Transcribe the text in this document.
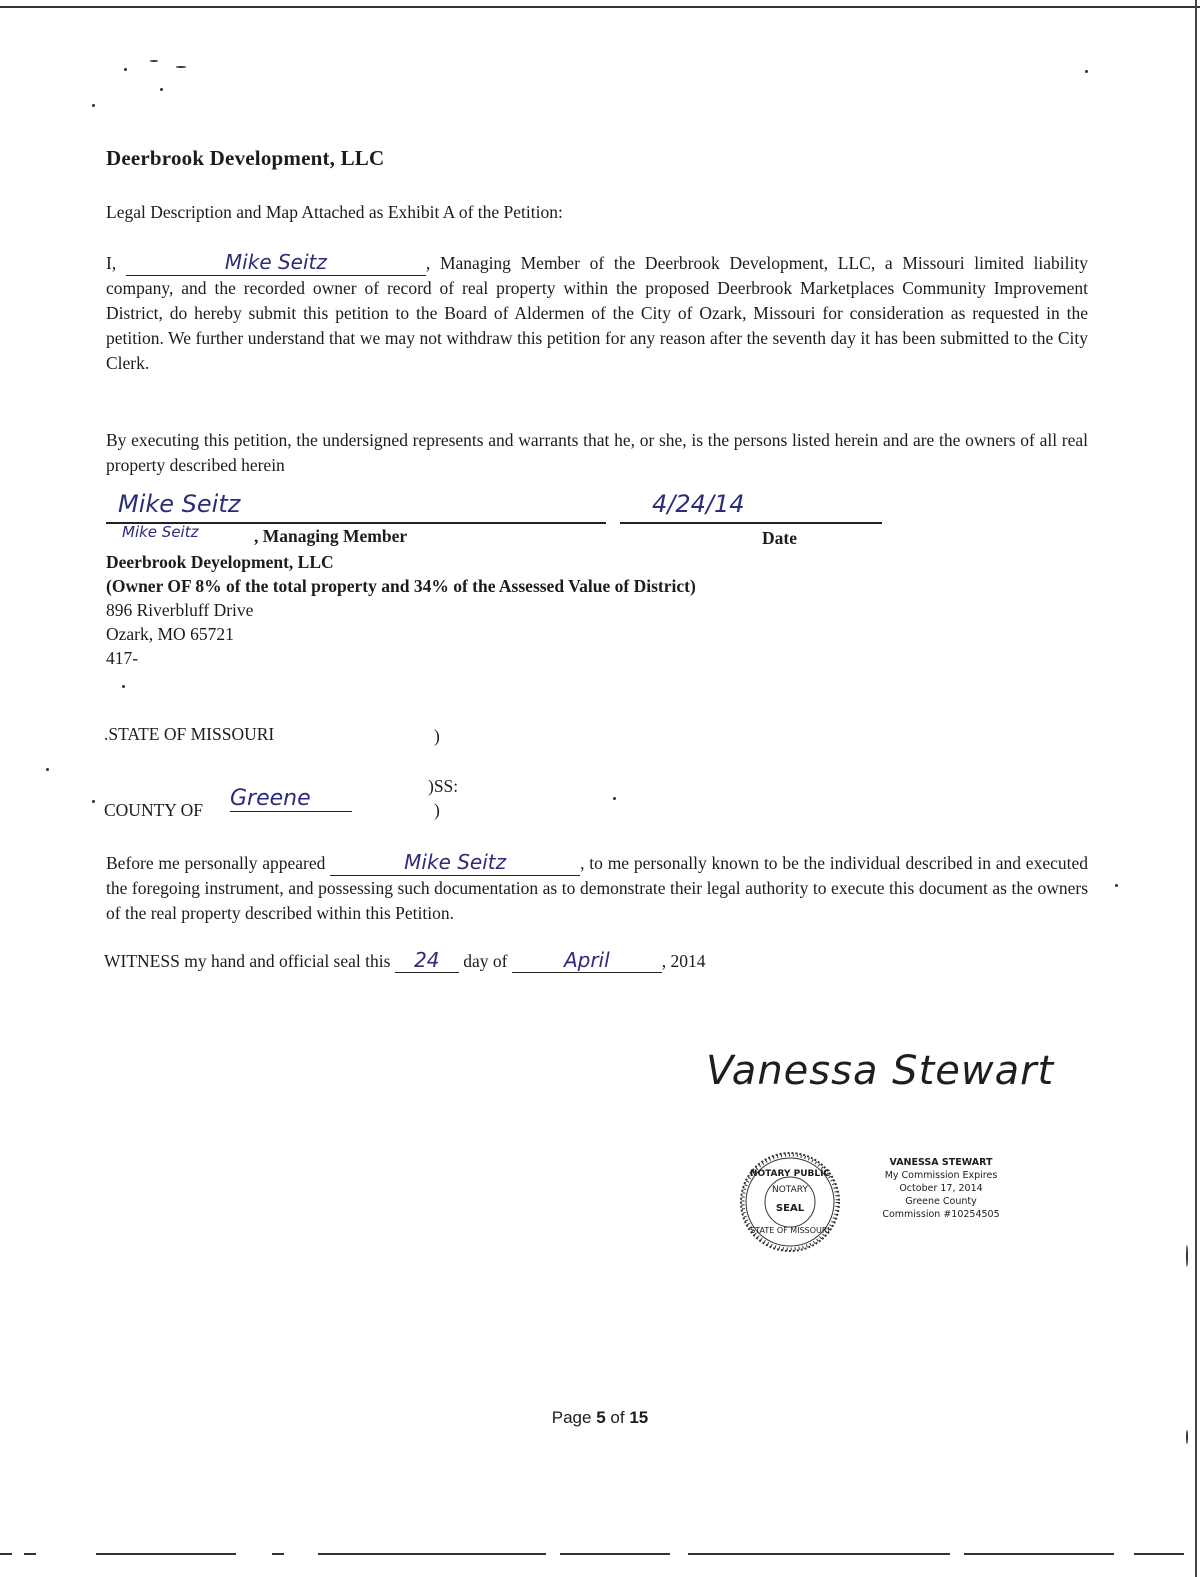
Deerbrook Development, LLC
Legal Description and Map Attached as Exhibit A of the Petition:
I,	Mike Seitz	, Managing Member of the Deerbrook Development, LLC, a Missouri limited liability company, and the recorded owner of record of real property within the proposed Deerbrook Marketplaces Community Improvement District, do hereby submit this petition to the Board of Aldermen of the City of Ozark, Missouri for consideration as requested in the petition. We further understand that we may not withdraw this petition for any reason after the seventh day it has been submitted to the City Clerk.
By executing this petition, the undersigned represents and warrants that he, or she, is the persons listed herein and are the owners of all real property described herein
Mike Seitz	4/24/14
Mike Seitz	, Managing Member	Date
Deerbrook Deyelopment, LLC
(Owner OF 8% of the total property and 34% of the Assessed Value of District)
896 Riverbluff Drive
Ozark, MO 65721
417-
.STATE OF MISSOURI	)
)SS:
COUNTY OF Greene	)
Before me personally appeared	Mike Seitz	, to me personally known to be the individual described in and executed the foregoing instrument, and possessing such documentation as to demonstrate their legal authority to execute this document as the owners of the real property described within this Petition.
WITNESS my hand and official seal this 24 day of	April	, 2014
Vanessa Stewart
NOTARY PUBLIC
NOTARY
SEAL
STATE OF MISSOURI
VANESSA STEWART
My Commission Expires
October 17, 2014
Greene County
Commission #10254505
Page 5 of 15
